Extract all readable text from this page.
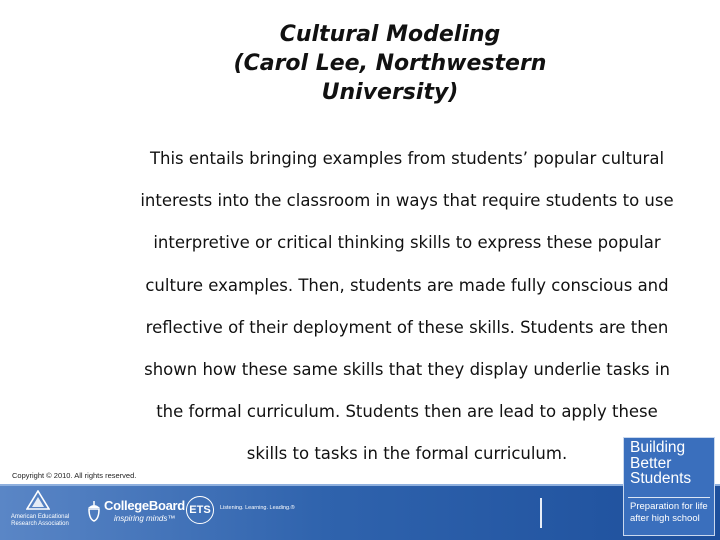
Cultural Modeling
(Carol Lee, Northwestern
University)

This entails bringing examples from students’ popular cultural
interests into the classroom in ways that require students to use
interpretive or critical thinking skills to express these popular
culture examples. Then, students are made fully conscious and
reflective of their deployment of these skills. Students are then
shown how these same skills that they display underlie tasks in
the formal curriculum. Students then are lead to apply these
skills to tasks in the formal curriculum.

Copyright © 2010. All rights reserved.
American Educational
Research Association
CollegeBoard
inspiring minds™
ETS	Listening. Learning. Leading.®
Building
Better
Students
Preparation for life
after high school
